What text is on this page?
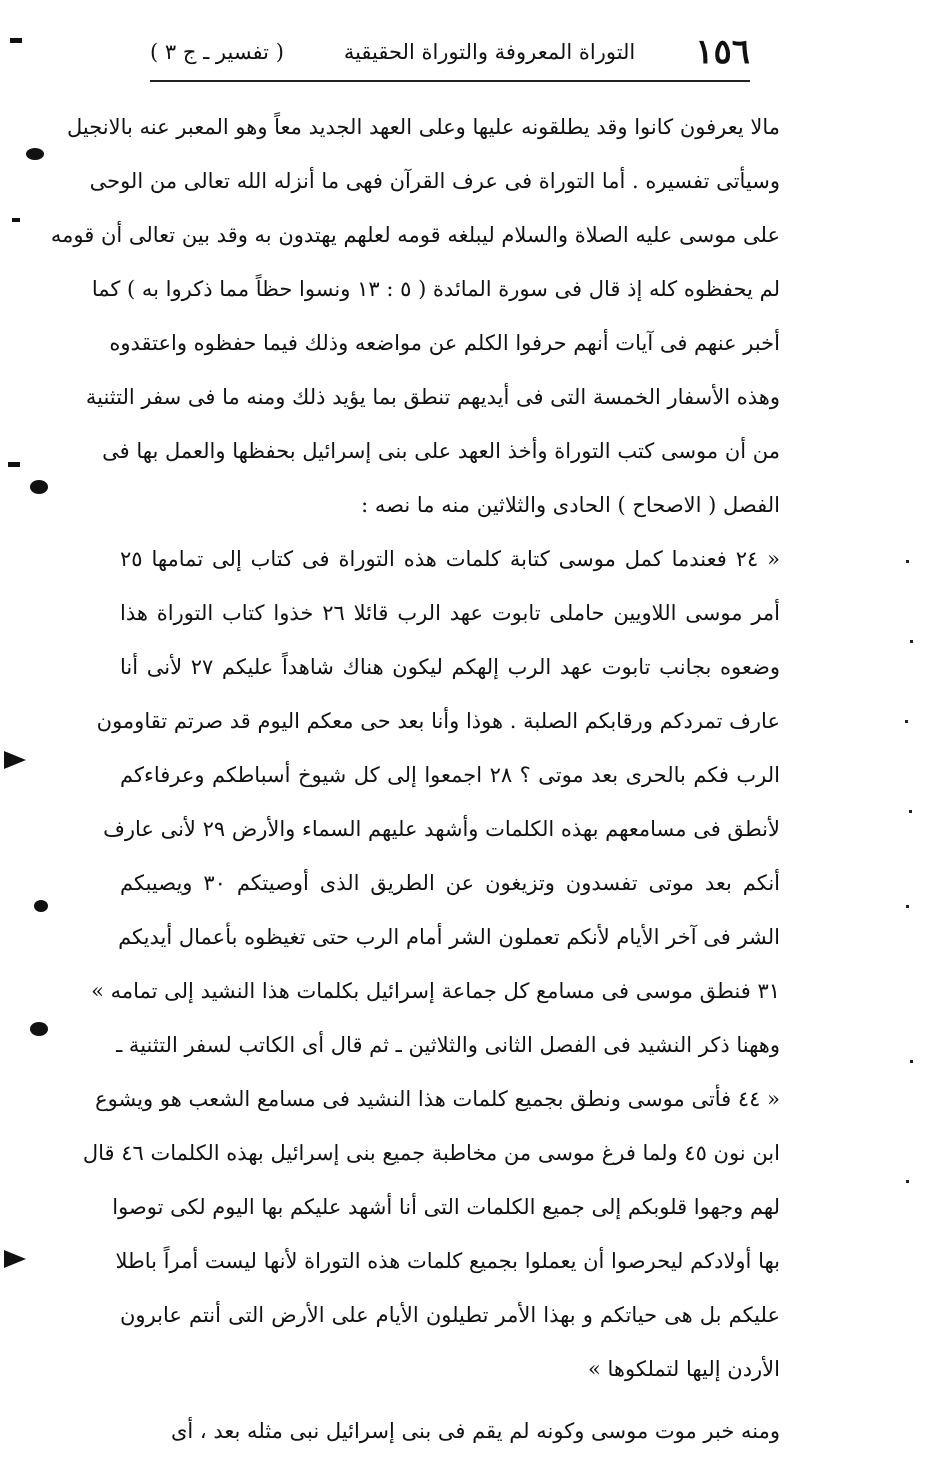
( تفسير ـ ج ٣ )	التوراة المعروفة والتوراة الحقيقية ١٥٦
مالا يعرفون كانوا وقد يطلقونه عليها وعلى العهد الجديد معاً وهو المعبر عنه بالانجيل
وسيأتى تفسيره . أما التوراة فى عرف القرآن فهى ما أنزله الله تعالى من الوحى
على موسى عليه الصلاة والسلام ليبلغه قومه لعلهم يهتدون به وقد بين تعالى أن قومه
لم يحفظوه كله إذ قال فى سورة المائدة ( ٥ : ١٣ ونسوا حظاً مما ذكروا به ) كما
أخبر عنهم فى آيات أنهم حرفوا الكلم عن مواضعه وذلك فيما حفظوه واعتقدوه
وهذه الأسفار الخمسة التى فى أيديهم تنطق بما يؤيد ذلك ومنه ما فى سفر التثنية
من أن موسى كتب التوراة وأخذ العهد على بنى إسرائيل بحفظها والعمل بها فى
الفصل ( الاصحاح ) الحادى والثلاثين منه ما نصه :
« ٢٤ فعندما كمل موسى كتابة كلمات هذه التوراة فى كتاب إلى تمامها ٢٥
أمر موسى اللاويين حاملى تابوت عهد الرب قائلا ٢٦ خذوا كتاب التوراة هذا
وضعوه بجانب تابوت عهد الرب إلهكم ليكون هناك شاهداً عليكم ٢٧ لأنى أنا
عارف تمردكم ورقابكم الصلبة . هوذا وأنا بعد حى معكم اليوم قد صرتم تقاومون
الرب فكم بالحرى بعد موتى ؟ ٢٨ اجمعوا إلى كل شيوخ أسباطكم وعرفاءكم
لأنطق فى مسامعهم بهذه الكلمات وأشهد عليهم السماء والأرض ٢٩ لأنى عارف
أنكم بعد موتى تفسدون وتزيغون عن الطريق الذى أوصيتكم ٣٠ ويصيبكم
الشر فى آخر الأيام لأنكم تعملون الشر أمام الرب حتى تغيظوه بأعمال أيديكم
٣١ فنطق موسى فى مسامع كل جماعة إسرائيل بكلمات هذا النشيد إلى تمامه »
وههنا ذكر النشيد فى الفصل الثانى والثلاثين ـ ثم قال أى الكاتب لسفر التثنية ـ
« ٤٤ فأتى موسى ونطق بجميع كلمات هذا النشيد فى مسامع الشعب هو ويشوع
ابن نون ٤٥ ولما فرغ موسى من مخاطبة جميع بنى إسرائيل بهذه الكلمات ٤٦ قال
لهم وجهوا قلوبكم إلى جميع الكلمات التى أنا أشهد عليكم بها اليوم لكى توصوا
بها أولادكم ليحرصوا أن يعملوا بجميع كلمات هذه التوراة لأنها ليست أمراً باطلا
عليكم بل هى حياتكم و بهذا الأمر تطيلون الأيام على الأرض التى أنتم عابرون
الأردن إليها لتملكوها »
ومنه خبر موت موسى وكونه لم يقم فى بنى إسرائيل نبى مثله بعد ، أى
